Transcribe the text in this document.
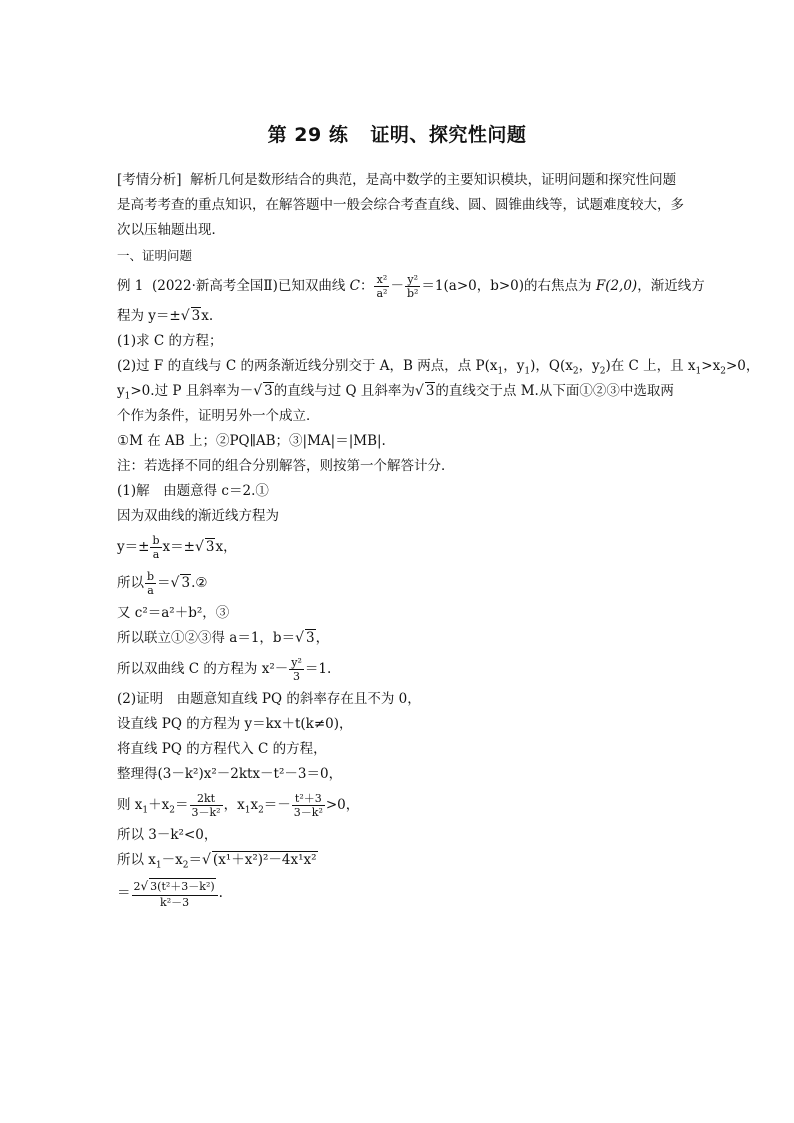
第 29 练 证明、探究性问题
[考情分析] 解析几何是数形结合的典范，是高中数学的主要知识模块，证明问题和探究性问题是高考考查的重点知识，在解答题中一般会综合考查直线、圆、圆锥曲线等，试题难度较大，多次以压轴题出现．
一、证明问题
例 1 (2022·新高考全国Ⅱ)已知双曲线 C： $\frac{\text{x²}}{\text{a²}} - \frac{\text{y²}}{\text{b²}} =1(a>0$，b>0)的右焦点为 F(2,0)，渐近线方
程为 y＝±√ 3x.
(1)求 C 的方程；
(2)过 F 的直线与 C 的两条渐近线分别交于 A，B 两点，点 $P(x_1$，$y_1$)，$Q(x_2$，$y_2$)在 C 上，且 $x_1>x_2>0$，
$y_1>0$.过 P 且斜率为－√ 3的直线与过 Q 且斜率为√ 3的直线交于点 M.从下面①②③中选取两
个作为条件，证明另外一个成立．
①M 在 AB 上；②PQ∥AB；③|MA|＝|MB|.
注：若选择不同的组合分别解答，则按第一个解答计分．
(1)解　由题意得 c＝2.①
因为双曲线的渐近线方程为
$y=\pm \frac{b}{a} x=\pm√$ 3x，
所以 $\frac{b}{a}$ ＝√ 3.②
又 c²＝a²＋b²，③
所以联立①②③得 a＝1，b＝√ 3，
所以双曲线 C 的方程为 $x^2- \frac{\text{y²}}{3} =1$.
(2)证明　由题意知直线 PQ 的斜率存在且不为 0，
设直线 PQ 的方程为 y＝kx＋t(k≠0)，
将直线 PQ 的方程代入 C 的方程，
整理得(3－k²)x²－2ktx－t²－3＝0，
则 $x_1+x_2= \frac{2kt}{\text{3－k²}}$ ，$x_1x_2=- \frac{\text{t²＋3}}{\text{3－k²}} >0$，
所以 3－k²<0，
所以 $x_1-x_2=√$ (x¹＋x²)²－4x¹x²
＝ $\frac{\text{2√ 3(t²＋3－k²)}}{\text{k²－3}}$ .
